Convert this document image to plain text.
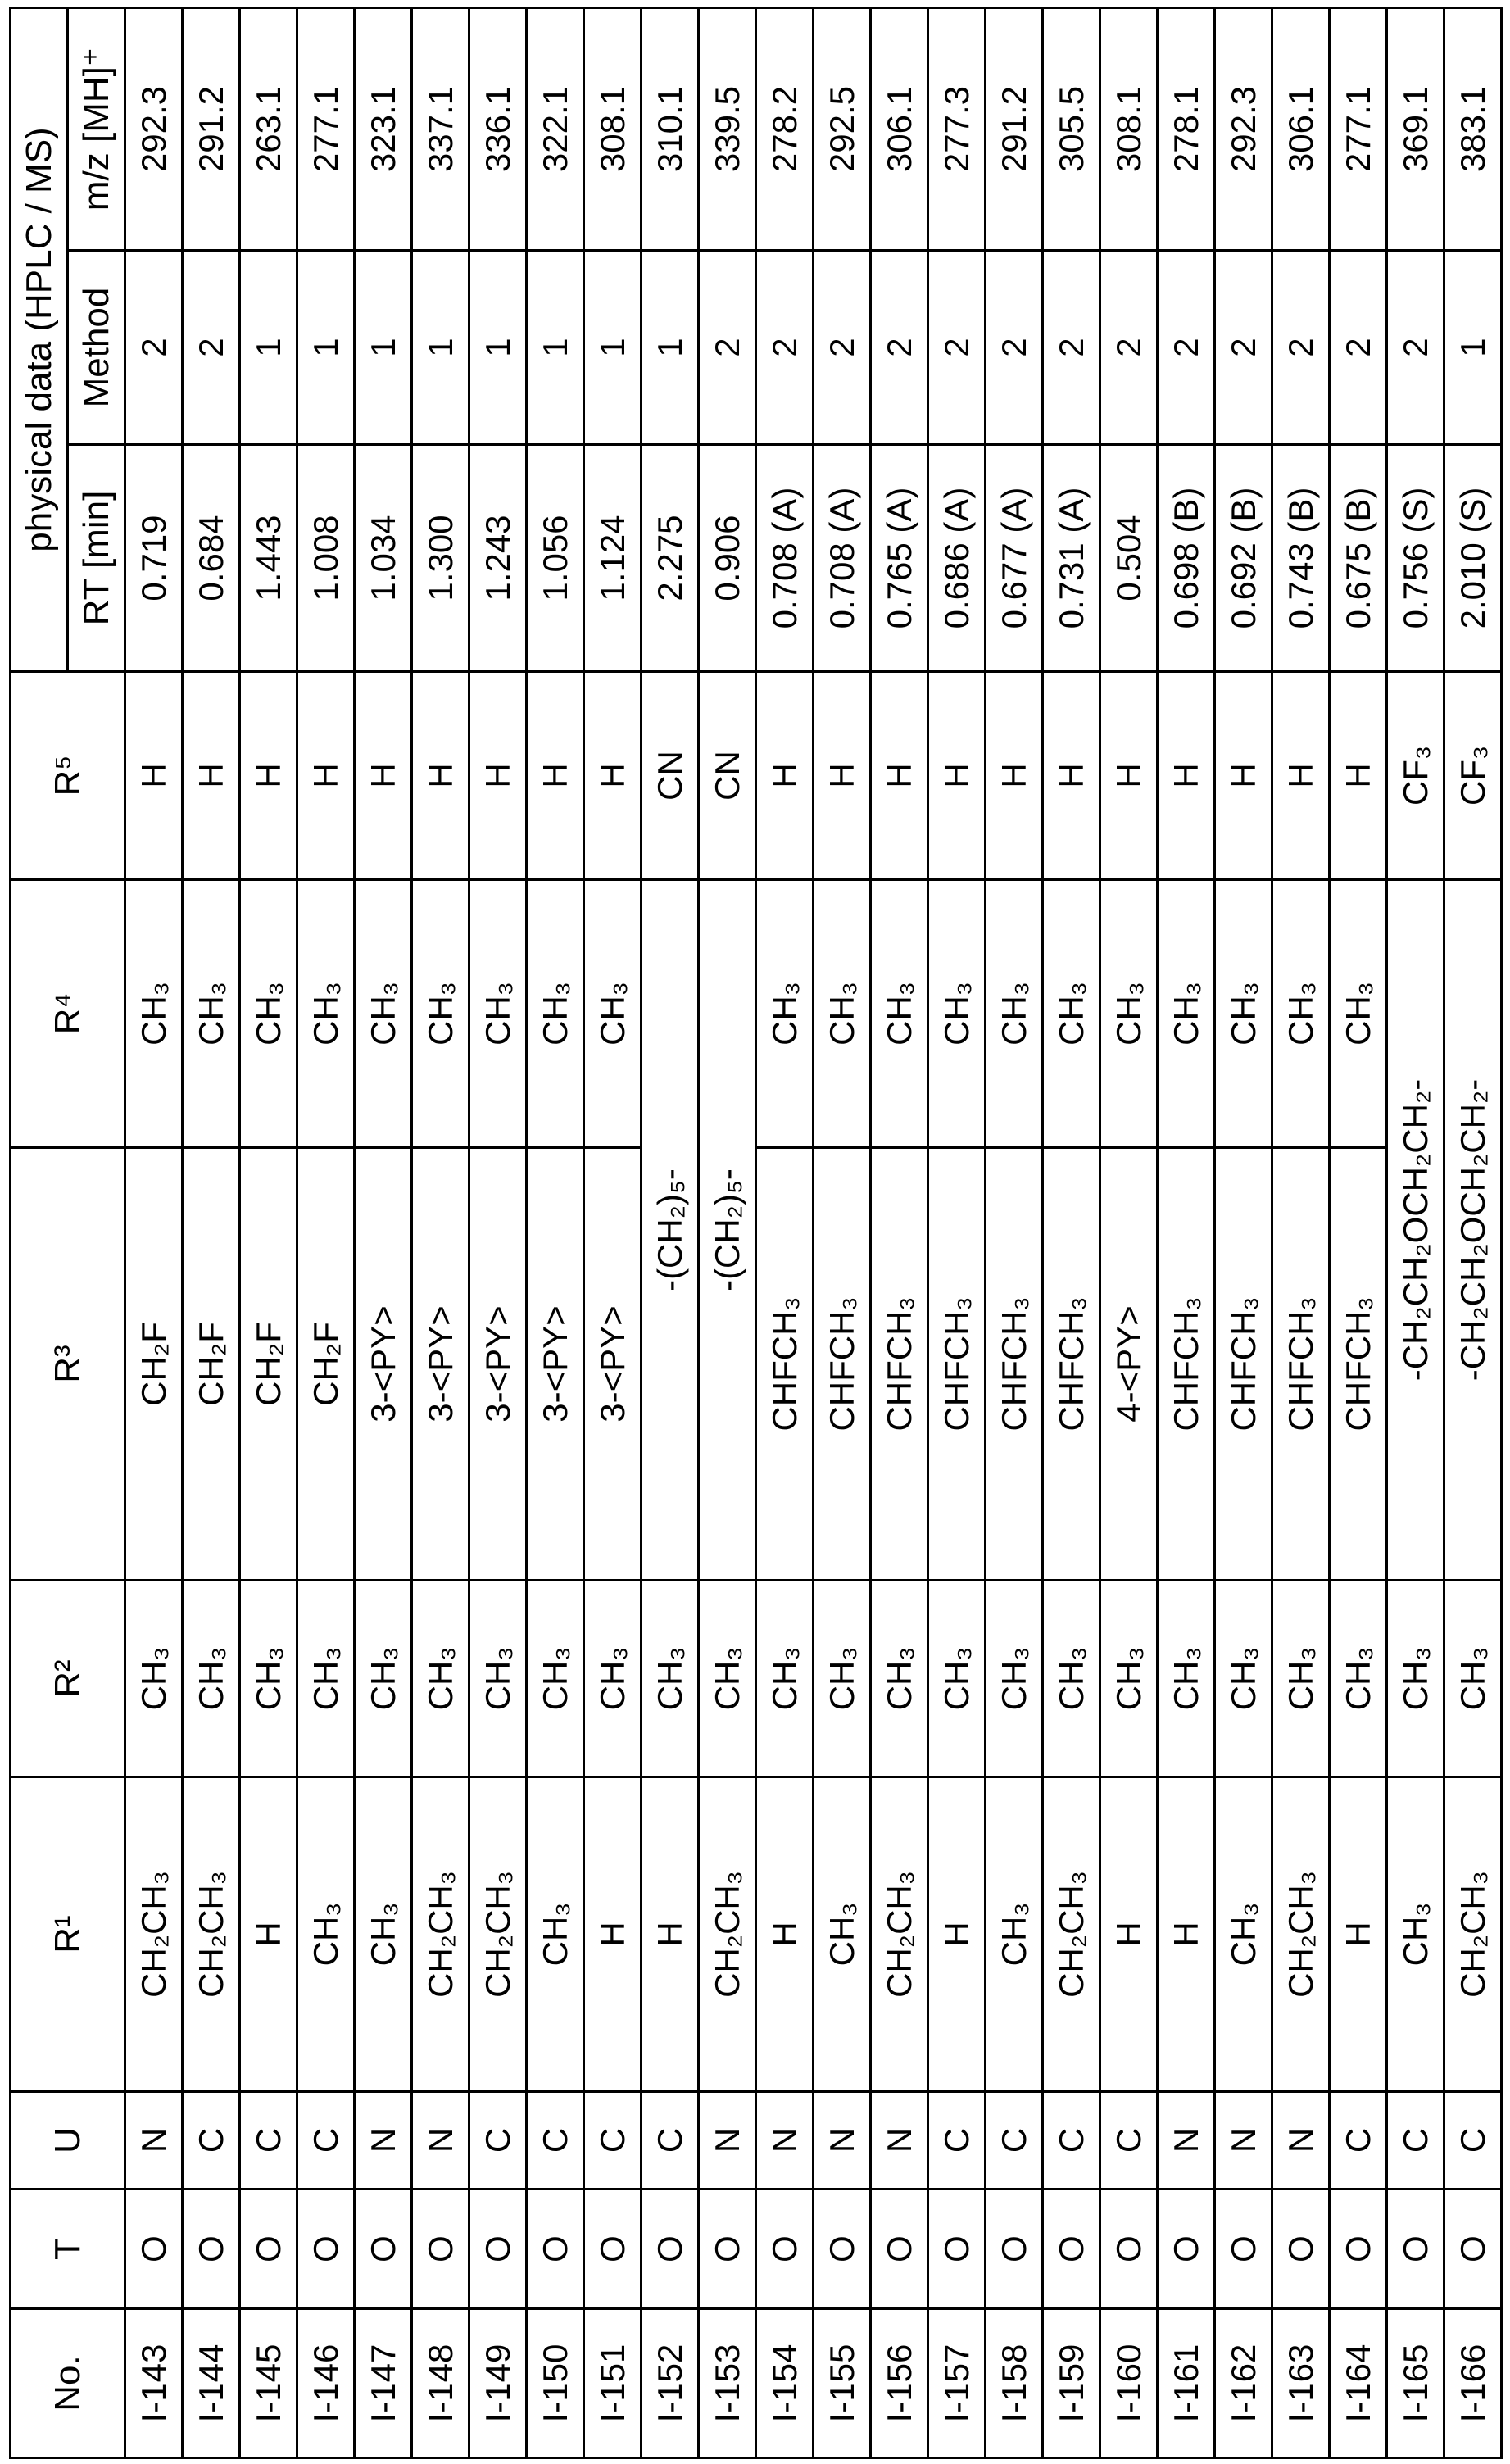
No.	T	U	R¹	R²	R³	R⁴	R⁵	physical data (HPLC / MS)
RT [min]	Method	m/z [MH]⁺
I-143	O	N	CH₂CH₃	CH₃	CH₂F	CH₃	H	0.719	2	292.3
I-144	O	C	CH₂CH₃	CH₃	CH₂F	CH₃	H	0.684	2	291.2
I-145	O	C	H	CH₃	CH₂F	CH₃	H	1.443	1	263.1
I-146	O	C	CH₃	CH₃	CH₂F	CH₃	H	1.008	1	277.1
I-147	O	N	CH₃	CH₃	3-<PY>	CH₃	H	1.034	1	323.1
I-148	O	N	CH₂CH₃	CH₃	3-<PY>	CH₃	H	1.300	1	337.1
I-149	O	C	CH₂CH₃	CH₃	3-<PY>	CH₃	H	1.243	1	336.1
I-150	O	C	CH₃	CH₃	3-<PY>	CH₃	H	1.056	1	322.1
I-151	O	C	H	CH₃	3-<PY>	CH₃	H	1.124	1	308.1
I-152	O	C	H	CH₃	-(CH₂)₅-	CN	2.275	1	310.1
I-153	O	N	CH₂CH₃	CH₃	-(CH₂)₅-	CN	0.906	2	339.5
I-154	O	N	H	CH₃	CHFCH₃	CH₃	H	0.708 (A)	2	278.2
I-155	O	N	CH₃	CH₃	CHFCH₃	CH₃	H	0.708 (A)	2	292.5
I-156	O	N	CH₂CH₃	CH₃	CHFCH₃	CH₃	H	0.765 (A)	2	306.1
I-157	O	C	H	CH₃	CHFCH₃	CH₃	H	0.686 (A)	2	277.3
I-158	O	C	CH₃	CH₃	CHFCH₃	CH₃	H	0.677 (A)	2	291.2
I-159	O	C	CH₂CH₃	CH₃	CHFCH₃	CH₃	H	0.731 (A)	2	305.5
I-160	O	C	H	CH₃	4-<PY>	CH₃	H	0.504	2	308.1
I-161	O	N	H	CH₃	CHFCH₃	CH₃	H	0.698 (B)	2	278.1
I-162	O	N	CH₃	CH₃	CHFCH₃	CH₃	H	0.692 (B)	2	292.3
I-163	O	N	CH₂CH₃	CH₃	CHFCH₃	CH₃	H	0.743 (B)	2	306.1
I-164	O	C	H	CH₃	CHFCH₃	CH₃	H	0.675 (B)	2	277.1
I-165	O	C	CH₃	CH₃	-CH₂CH₂OCH₂CH₂-	CF₃	0.756 (S)	2	369.1
I-166	O	C	CH₂CH₃	CH₃	-CH₂CH₂OCH₂CH₂-	CF₃	2.010 (S)	1	383.1
